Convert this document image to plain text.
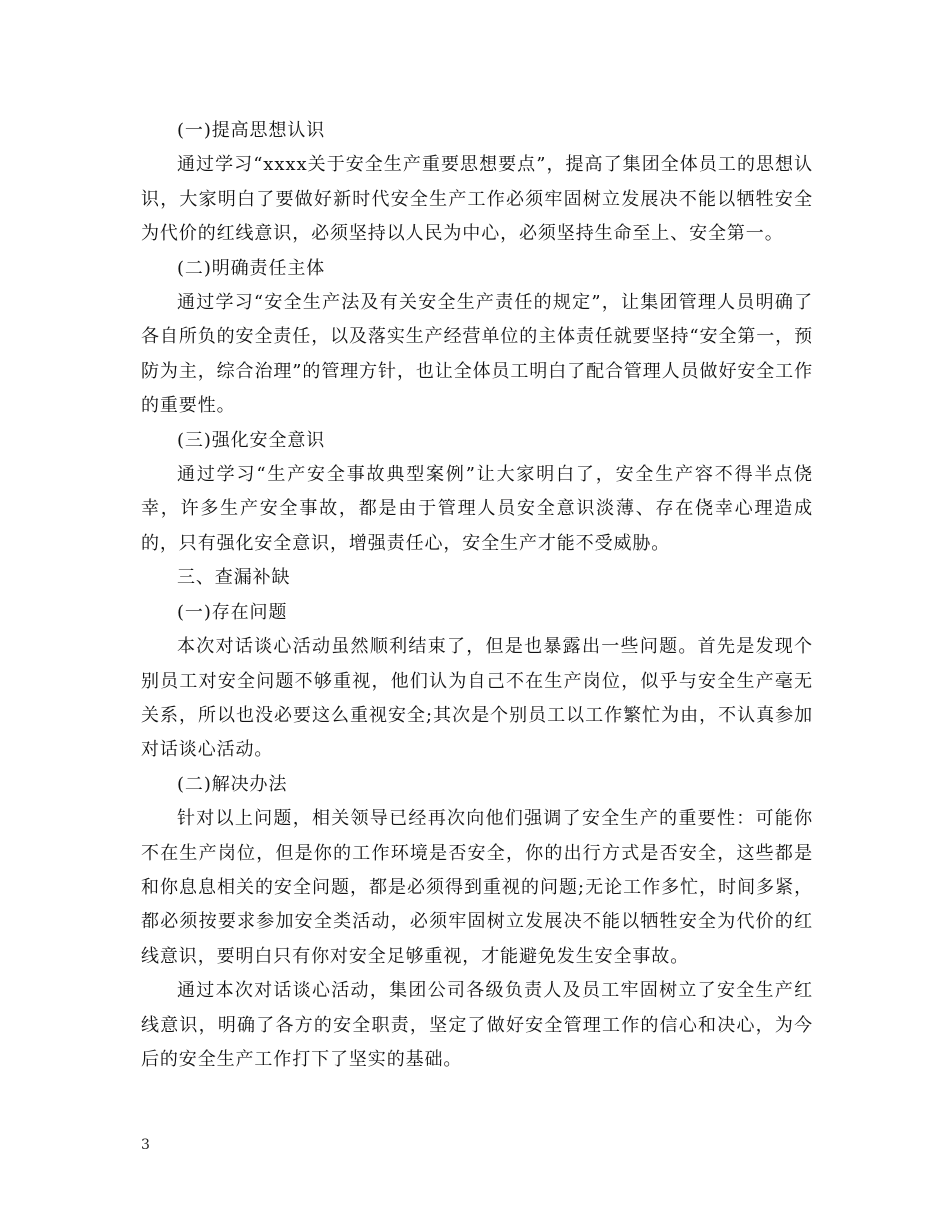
(一)提高思想认识

通过学习“xxxx关于安全生产重要思想要点”，提高了集团全体员工的思想认识，大家明白了要做好新时代安全生产工作必须牢固树立发展决不能以牺牲安全为代价的红线意识，必须坚持以人民为中心，必须坚持生命至上、安全第一。

(二)明确责任主体

通过学习“安全生产法及有关安全生产责任的规定”，让集团管理人员明确了各自所负的安全责任，以及落实生产经营单位的主体责任就要坚持“安全第一，预防为主，综合治理”的管理方针，也让全体员工明白了配合管理人员做好安全工作的重要性。

(三)强化安全意识

通过学习“生产安全事故典型案例”让大家明白了，安全生产容不得半点侥幸，许多生产安全事故，都是由于管理人员安全意识淡薄、存在侥幸心理造成的，只有强化安全意识，增强责任心，安全生产才能不受威胁。

三、查漏补缺

(一)存在问题

本次对话谈心活动虽然顺利结束了，但是也暴露出一些问题。首先是发现个别员工对安全问题不够重视，他们认为自己不在生产岗位，似乎与安全生产毫无关系，所以也没必要这么重视安全;其次是个别员工以工作繁忙为由，不认真参加对话谈心活动。

(二)解决办法

针对以上问题，相关领导已经再次向他们强调了安全生产的重要性：可能你不在生产岗位，但是你的工作环境是否安全，你的出行方式是否安全，这些都是和你息息相关的安全问题，都是必须得到重视的问题;无论工作多忙，时间多紧，都必须按要求参加安全类活动，必须牢固树立发展决不能以牺牲安全为代价的红线意识，要明白只有你对安全足够重视，才能避免发生安全事故。

通过本次对话谈心活动，集团公司各级负责人及员工牢固树立了安全生产红线意识，明确了各方的安全职责，坚定了做好安全管理工作的信心和决心，为今后的安全生产工作打下了坚实的基础。

3
